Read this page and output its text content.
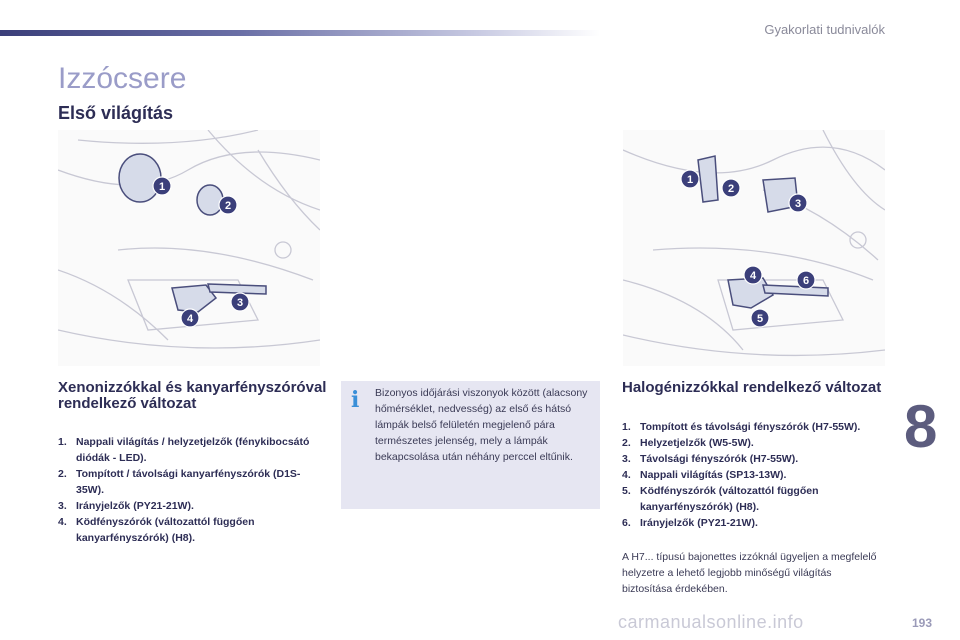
Gyakorlati tudnivalók
Izzócsere
Első világítás
1
2
3
4
1
2
3
4	6
5
Xenonizzókkal és kanyarfényszóróval rendelkező változat
1. Nappali világítás / helyzetjelzők (fénykibocsátó diódák - LED).
2. Tompított / távolsági kanyarfényszórók (D1S-35W).
3. Irányjelzők (PY21-21W).
4. Ködfényszórók (változattól függően kanyarfényszórók) (H8).
i Bizonyos időjárási viszonyok között (alacsony hőmérséklet, nedvesség) az első és hátsó lámpák belső felületén megjelenő pára természetes jelenség, mely a lámpák bekapcsolása után néhány perccel eltűnik.

Halogénizzókkal rendelkező változat
1. Tompított és távolsági fényszórók (H7-55W).
2. Helyzetjelzők (W5-5W).
3. Távolsági fényszórók (H7-55W).
4. Nappali világítás (SP13-13W).
5. Ködfényszórók (változattól függően kanyarfényszórók) (H8).
6. Irányjelzők (PY21-21W).

A H7... típusú bajonettes izzóknál ügyeljen a megfelelő helyzetre a lehető legjobb minőségű világítás biztosítása érdekében.

8
carmanualsonline.info	193
